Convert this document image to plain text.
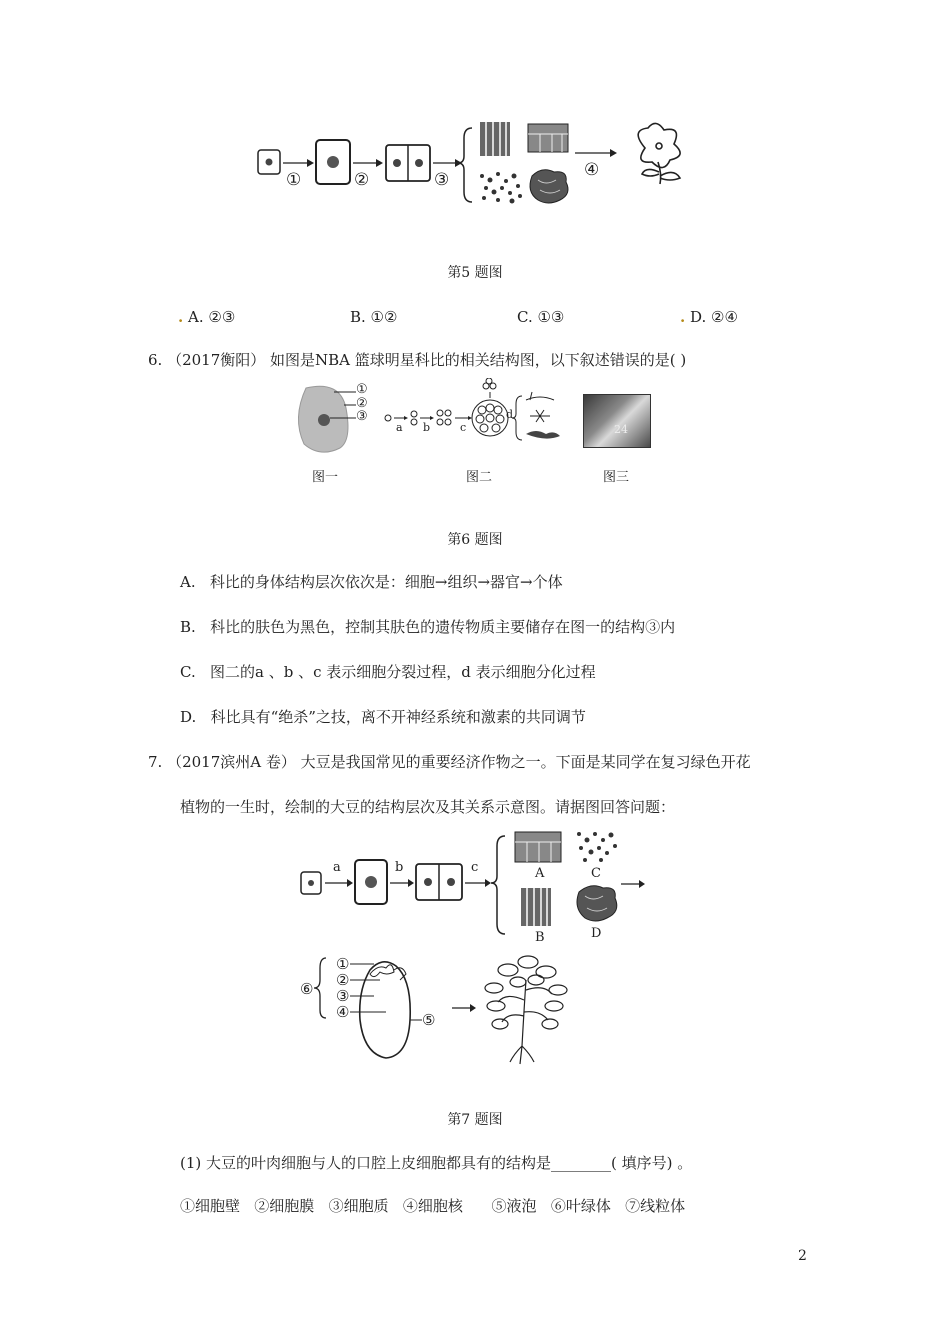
①	②	③	④
第5 题图
. A. ②③	B. ①②	C. ①③	. D. ②④
6. （2017衡阳） 如图是NBA 篮球明星科比的相关结构图，以下叙述错误的是( )
①
②
③
a b	c
d
24
图一	图二	图三
第6 题图
A. 科比的身体结构层次依次是：细胞→组织→器官→个体
B. 科比的肤色为黑色，控制其肤色的遗传物质主要储存在图一的结构③内
C. 图二的a 、b 、c 表示细胞分裂过程，d 表示细胞分化过程
D. 科比具有“绝杀”之技，离不开神经系统和激素的共同调节
7. （2017滨州A 卷） 大豆是我国常见的重要经济作物之一。下面是某同学在复习绿色开花
植物的一生时，绘制的大豆的结构层次及其关系示意图。请据图回答问题：
a	b	c	A	C
B	D
⑥
①
②
③
④	⑤
第7 题图
(1) 大豆的叶肉细胞与人的口腔上皮细胞都具有的结构是________( 填序号) 。
①细胞壁   ②细胞膜   ③细胞质   ④细胞核      ⑤液泡   ⑥叶绿体   ⑦线粒体
2
